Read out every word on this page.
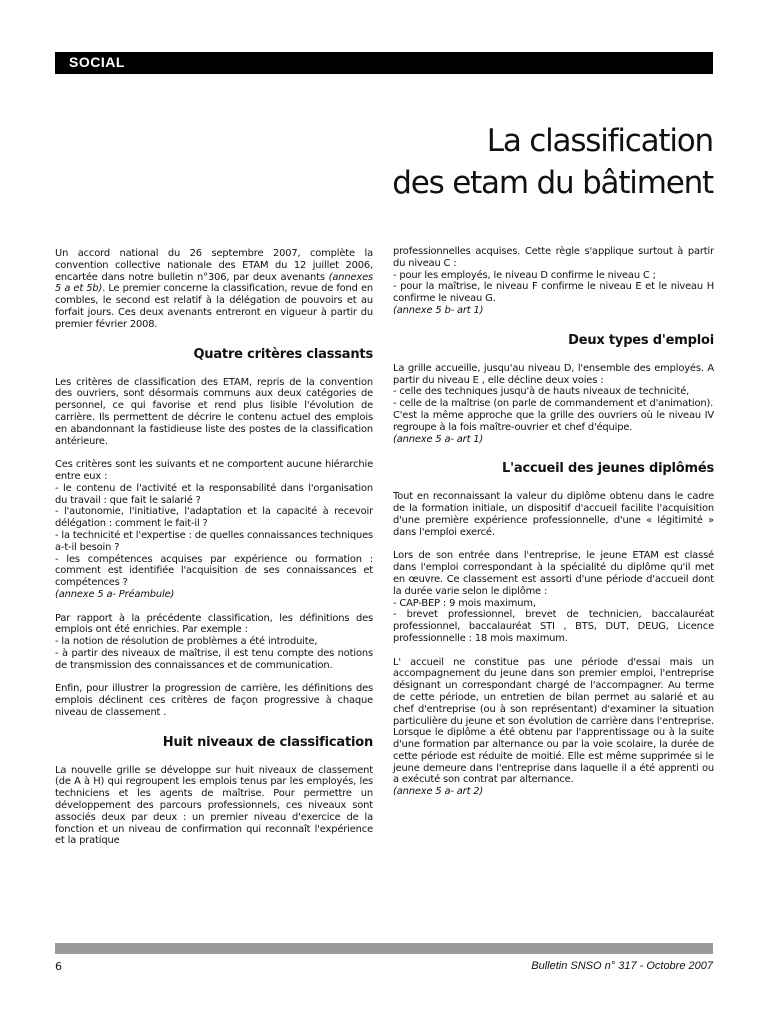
SOCIAL
La classification
des etam du bâtiment

Un accord national du 26 septembre 2007, complète la convention collective nationale des ETAM du 12 juillet 2006, encartée dans notre bulletin n°306, par deux avenants (annexes 5 a et 5b). Le premier concerne la classification, revue de fond en combles, le second est relatif à la délégation de pouvoirs et au forfait jours. Ces deux avenants entreront en vigueur à partir du premier février 2008.

Quatre critères classants

Les critères de classification des ETAM, repris de la convention des ouvriers, sont désormais communs aux deux catégories de personnel, ce qui favorise et rend plus lisible l'évolution de carrière. Ils permettent de décrire le contenu actuel des emplois en abandonnant la fastidieuse liste des postes de la classification antérieure.

Ces critères sont les suivants et ne comportent aucune hiérarchie entre eux :
- le contenu de l'activité et la responsabilité dans l'organisation du travail : que fait le salarié ?
- l'autonomie, l'initiative, l'adaptation et la capacité à recevoir délégation : comment le fait-il ?
- la technicité et l'expertise : de quelles connaissances techniques a-t-il besoin ?
- les compétences acquises par expérience ou formation : comment est identifiée l'acquisition de ses connaissances et compétences ?
(annexe 5 a- Préambule)

Par rapport à la précédente classification, les définitions des emplois ont été enrichies. Par exemple :
- la notion de résolution de problèmes a été introduite,
- à partir des niveaux de maîtrise, il est tenu compte des notions de transmission des connaissances et de communication.

Enfin, pour illustrer la progression de carrière, les définitions des emplois déclinent ces critères de façon progressive à chaque niveau de classement .

Huit niveaux de classification

La nouvelle grille se développe sur huit niveaux de classement (de A à H) qui regroupent les emplois tenus par les employés, les techniciens et les agents de maîtrise. Pour permettre un développement des parcours professionnels, ces niveaux sont associés deux par deux : un premier niveau d'exercice de la fonction et un niveau de confirmation qui reconnaît l'expérience et la pratique

professionnelles acquises. Cette règle s'applique surtout à partir du niveau C :
- pour les employés, le niveau D confirme le niveau C ;
- pour la maîtrise, le niveau F confirme le niveau E et le niveau H confirme le niveau G.
(annexe 5 b- art 1)

Deux types d'emploi

La grille accueille, jusqu'au niveau D, l'ensemble des employés. A partir du niveau E , elle décline deux voies :
- celle des techniques jusqu'à de hauts niveaux de technicité,
- celle de la maîtrise (on parle de commandement et d'animation).
C'est la même approche que la grille des ouvriers où le niveau IV regroupe à la fois maître-ouvrier et chef d'équipe.
(annexe 5 a- art 1)

L'accueil des jeunes diplômés

Tout en reconnaissant la valeur du diplôme obtenu dans le cadre de la formation initiale, un dispositif d'accueil facilite l'acquisition d'une première expérience professionnelle, d'une « légitimité » dans l'emploi exercé.

Lors de son entrée dans l'entreprise, le jeune ETAM est classé dans l'emploi correspondant à la spécialité du diplôme qu'il met en œuvre. Ce classement est assorti d'une période d'accueil dont la durée varie selon le diplôme :
- CAP-BEP : 9 mois maximum,
- brevet professionnel, brevet de technicien, baccalauréat professionnel, baccalauréat STI , BTS, DUT, DEUG, Licence professionnelle : 18 mois maximum.

L' accueil ne constitue pas une période d'essai mais un accompagnement du jeune dans son premier emploi, l'entreprise désignant un correspondant chargé de l'accompagner. Au terme de cette période, un entretien de bilan permet au salarié et au chef d'entreprise (ou à son représentant) d'examiner la situation particulière du jeune et son évolution de carrière dans l'entreprise. Lorsque le diplôme a été obtenu par l'apprentissage ou à la suite d'une formation par alternance ou par la voie scolaire, la durée de cette période est réduite de moitié. Elle est même supprimée si le jeune demeure dans l'entreprise dans laquelle il a été apprenti ou a exécuté son contrat par alternance.
(annexe 5 a- art 2)

6	Bulletin SNSO n° 317 - Octobre 2007
